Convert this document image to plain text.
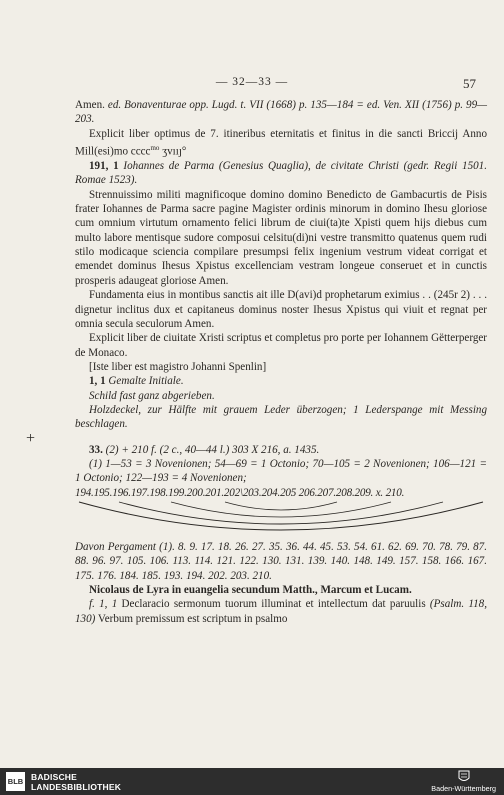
— 32—33 —	57

Amen. ed. Bonaventurae opp. Lugd. t. VII (1668) p. 135—184 = ed. Ven. XII (1756) p. 99—203.

Explicit liber optimus de 7. itineribus eternitatis et finitus in die sancti Briccij Anno Mill(esi)mo cccc$^{mo}$ ʒvııȷ°

191, 1 Iohannes de Parma (Genesius Quaglia), de civitate Christi (gedr. Regii 1501. Romae 1523).

Strennuissimo militi magnificoque domino domino Benedicto de Gambacurtis de Pisis frater Iohannes de Parma sacre pagine Magister ordinis minorum in domino Ihesu gloriose cum omnium virtutum ornamento felici librum de ciui(ta)te Xpisti quem hijs diebus cum multo labore mentisque sudore composui celsitu(di)ni vestre transmitto quatenus quem rudi stilo modicaque sciencia compilare presumpsi felix ingenium vestrum videat corrigat et emendet dominus Ihesus Xpistus excellenciam vestram longeue conseruet et in cunctis prosperis adaugeat gloriose Amen.

Fundamenta eius in montibus sanctis ait ille D(avi)d prophetarum eximius . . (245r 2) . . . dignetur inclitus dux et capitaneus dominus noster Ihesus Xpistus qui viuit et regnat per omnia secula seculorum Amen.

Explicit liber de ciuitate Xristi scriptus et completus pro porte per Iohannem Gëtterperger de Monaco.

[Iste liber est magistro Johanni Spenlin]

1, 1 Gemalte Initiale.

Schild fast ganz abgerieben.

Holzdeckel, zur Hälfte mit grauem Leder überzogen; 1 Lederspange mit Messing beschlagen.

33. (2) + 210 f. (2 c., 40—44 l.) 303 X 216, a. 1435.

(1) 1—53 = 3 Novenionen; 54—69 = 1 Octonio; 70—105 = 2 Novenionen; 106—121 = 1 Octonio; 122—193 = 4 Novenionen;

194.195.196.197.198.199.200.201.202\203.204.205 206.207.208.209. x. 210.

Davon Pergament (1). 8. 9. 17. 18. 26. 27. 35. 36. 44. 45. 53. 54. 61. 62. 69. 70. 78. 79. 87. 88. 96. 97. 105. 106. 113. 114. 121. 122. 130. 131. 139. 140. 148. 149. 157. 158. 166. 167. 175. 176. 184. 185. 193. 194. 202. 203. 210.

Nicolaus de Lyra in euangelia secundum Matth., Marcum et Lucam.

f. 1, 1 Declaracio sermonum tuorum illuminat et intellectum dat paruulis (Psalm. 118, 130) Verbum premissum est scriptum in psalmo

+
BLB BADISCHE
LANDESBIBLIOTHEK	Baden-Württemberg
